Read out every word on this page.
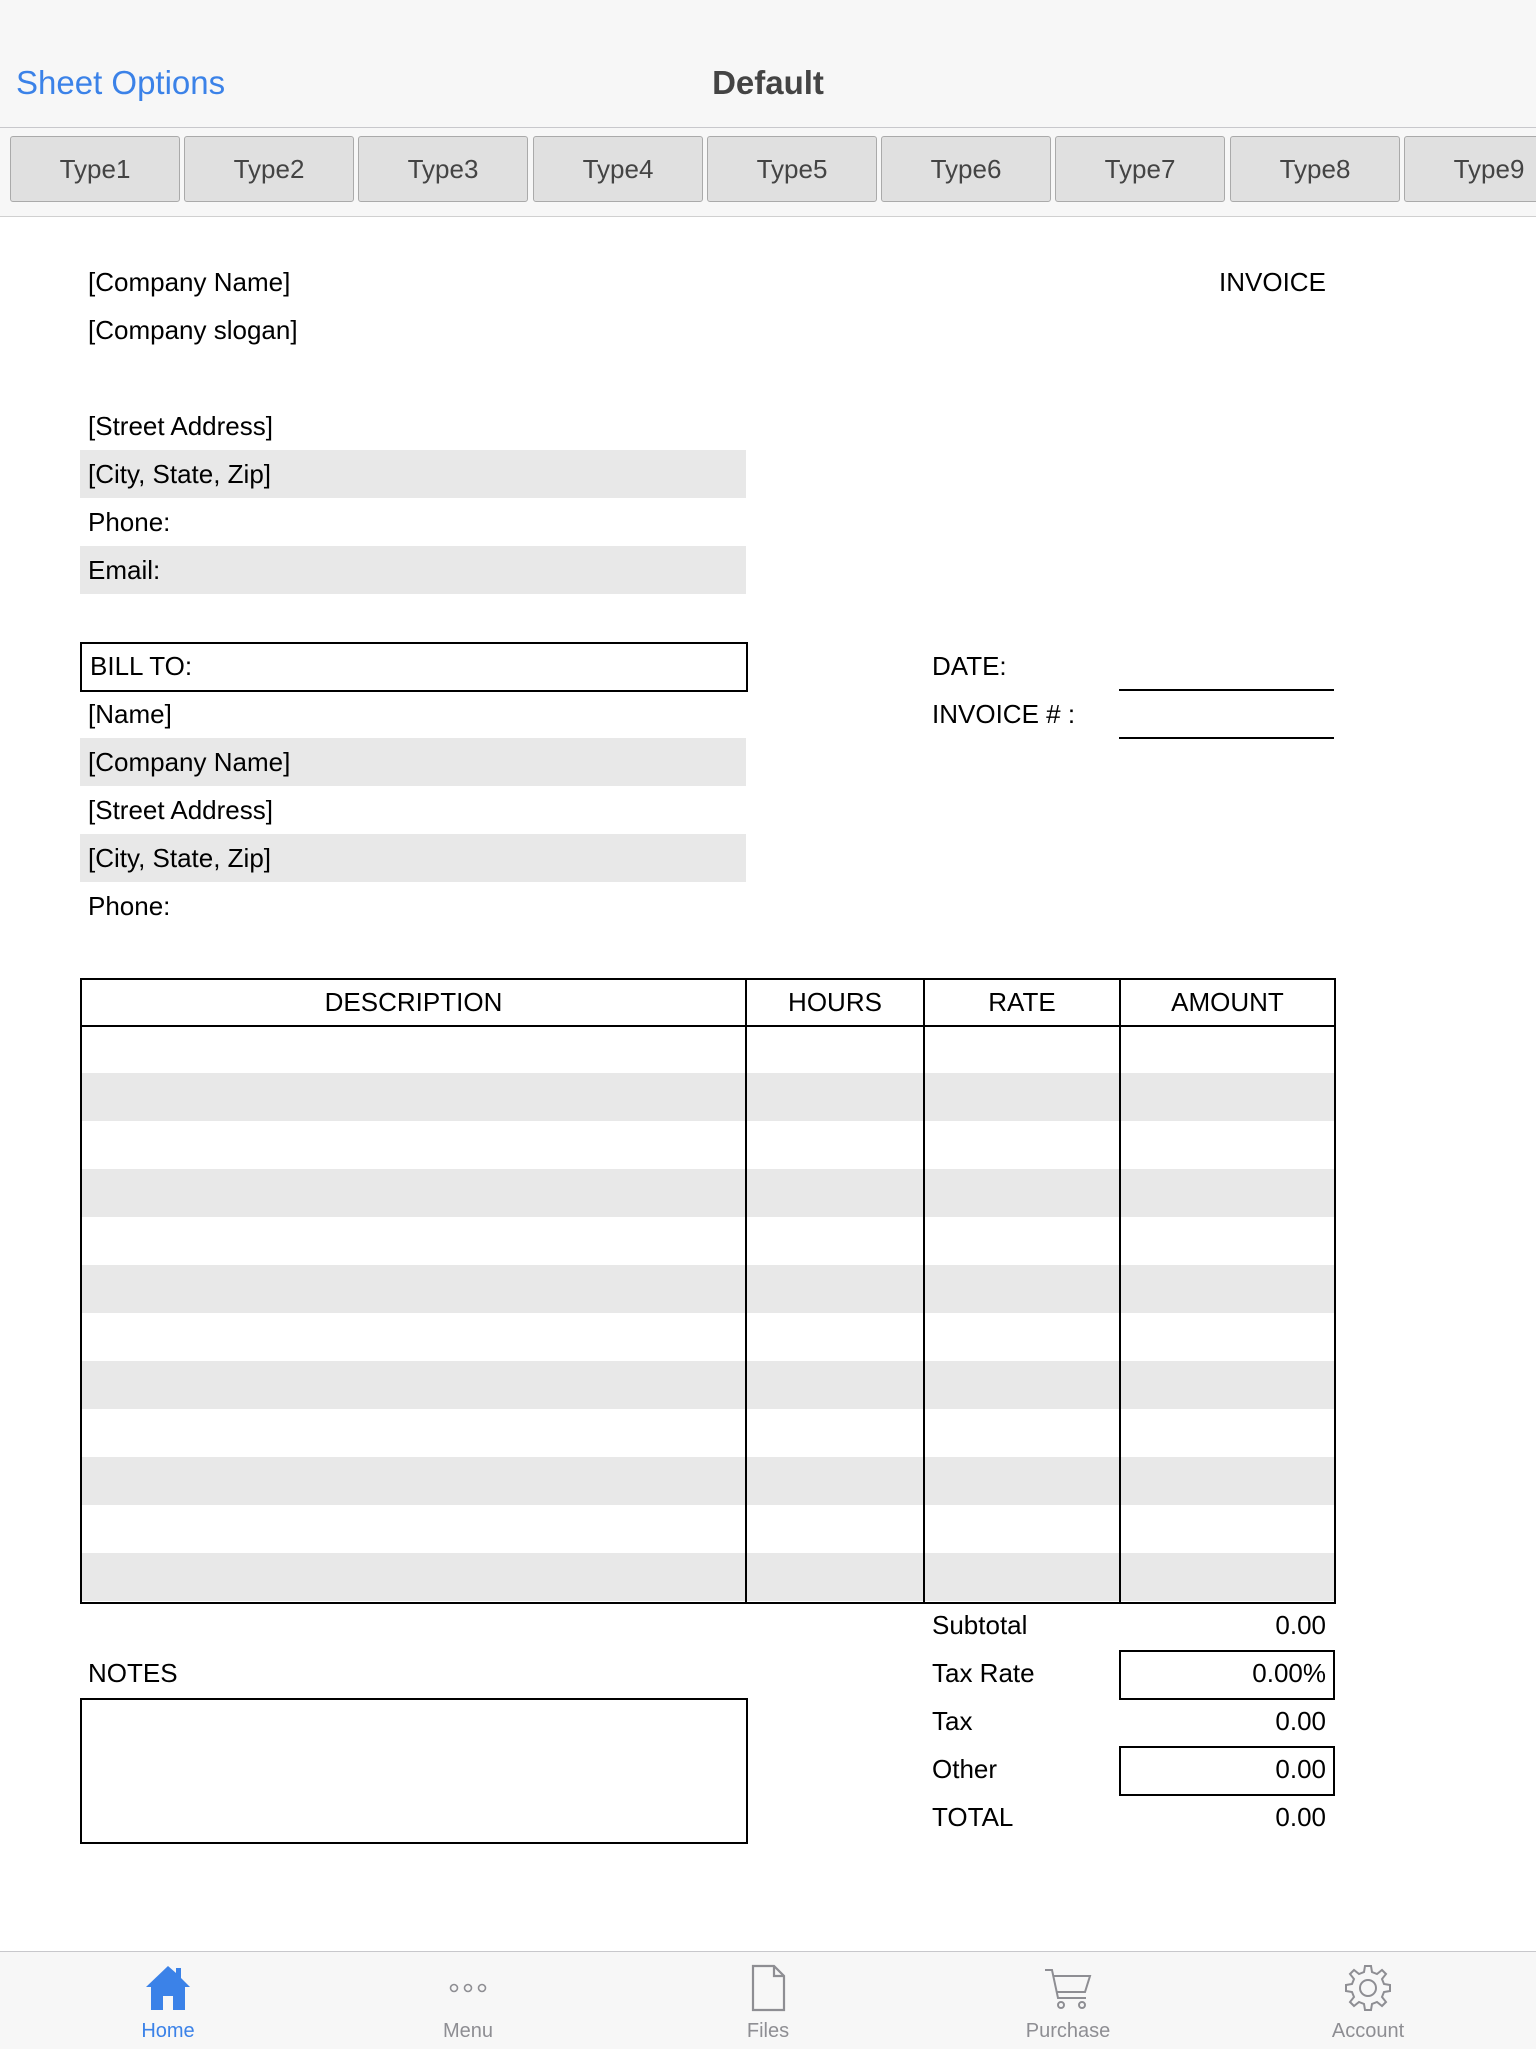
Sheet Options	Default
Type1	Type2	Type3	Type4	Type5	Type6	Type7	Type8	Type9
[Company Name]
[Company slogan]
INVOICE
[Street Address]
[City, State, Zip]
Phone:
Email:
BILL TO:
[Name]
[Company Name]
[Street Address]
[City, State, Zip]
Phone:
DATE:
INVOICE # :
DESCRIPTION	HOURS	RATE	AMOUNT
NOTES
Subtotal	0.00
Tax Rate	0.00%
Tax	0.00
Other	0.00
TOTAL	0.00
Home	Menu	Files	Purchase	Account
